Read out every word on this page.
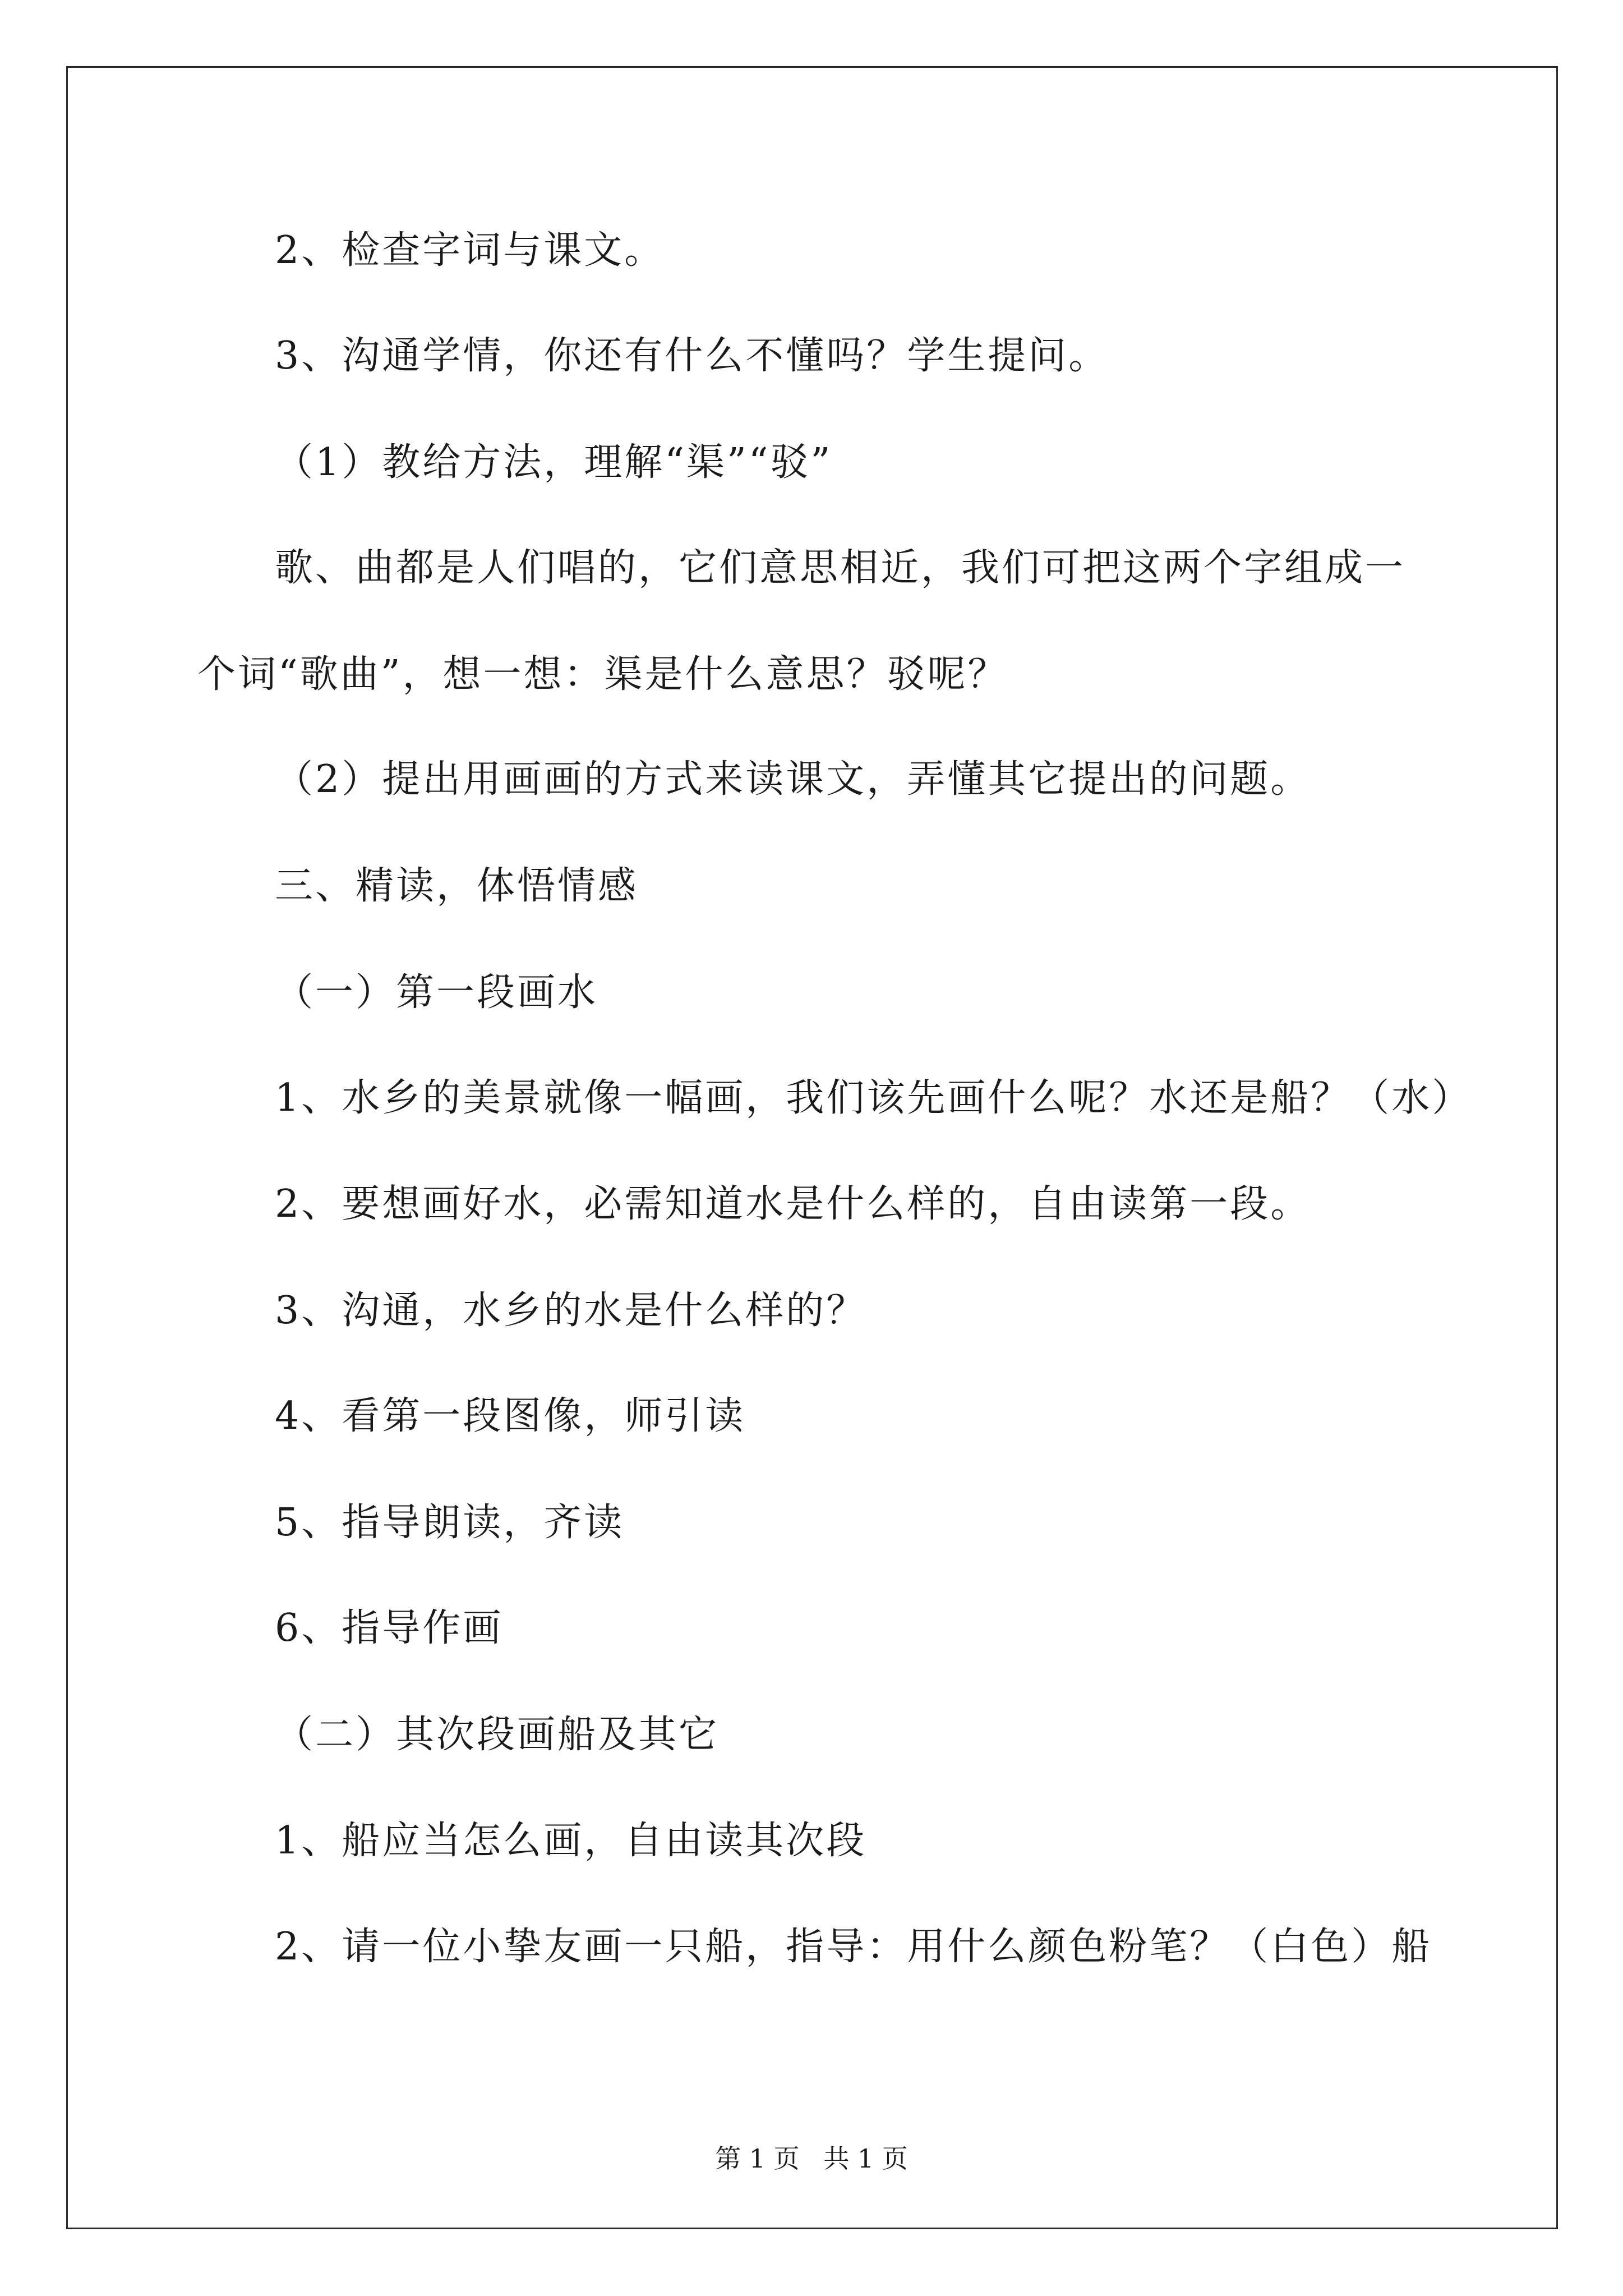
2、检查字词与课文。
3、沟通学情，你还有什么不懂吗？学生提问。
（1）教给方法，理解“渠”“驳”
歌、曲都是人们唱的，它们意思相近，我们可把这两个字组成一
个词“歌曲”，想一想：渠是什么意思？驳呢？
（2）提出用画画的方式来读课文，弄懂其它提出的问题。
三、精读，体悟情感
（一）第一段画水
1、水乡的美景就像一幅画，我们该先画什么呢？水还是船？（水）
2、要想画好水，必需知道水是什么样的，自由读第一段。
3、沟通，水乡的水是什么样的？
4、看第一段图像，师引读
5、指导朗读，齐读
6、指导作画
（二）其次段画船及其它
1、船应当怎么画，自由读其次段
2、请一位小挚友画一只船，指导：用什么颜色粉笔？（白色）船
第 1 页 共 1 页
